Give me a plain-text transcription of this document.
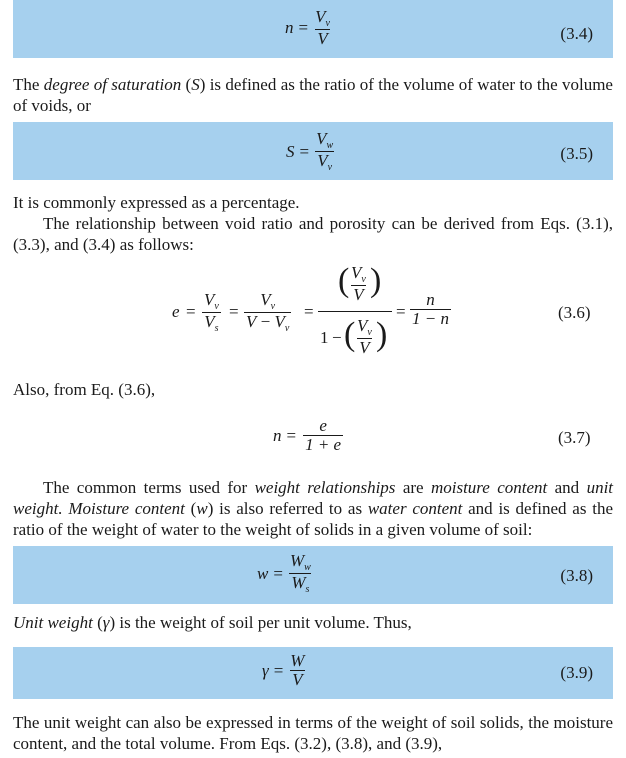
$n = \frac{V_v}{V}$	(3.4)
The degree of saturation (S) is defined as the ratio of the volume of water to the volume of voids, or
$S = \frac{V_w}{V_v}$	(3.5)
It is commonly expressed as a percentage.
The relationship between void ratio and porosity can be derived from Eqs. (3.1), (3.3), and (3.4) as follows:
$e = \frac{V_v}{V_s} = \frac{V_v}{V - V_v}$ =
( $\frac{V_v}{V}$ )
1 − ( $\frac{V_v}{V}$ )
= $\frac{n}{1 - n}$	(3.6)
Also, from Eq. (3.6),
$n = \frac{e}{1 + e}$	(3.7)
The common terms used for weight relationships are moisture content and unit weight. Moisture content (w) is also referred to as water content and is defined as the ratio of the weight of water to the weight of solids in a given volume of soil:
$w = \frac{W_w}{W_s}$	(3.8)
Unit weight (γ) is the weight of soil per unit volume. Thus,
$\gamma = \frac{W}{V}$	(3.9)
The unit weight can also be expressed in terms of the weight of soil solids, the moisture content, and the total volume. From Eqs. (3.2), (3.8), and (3.9),
